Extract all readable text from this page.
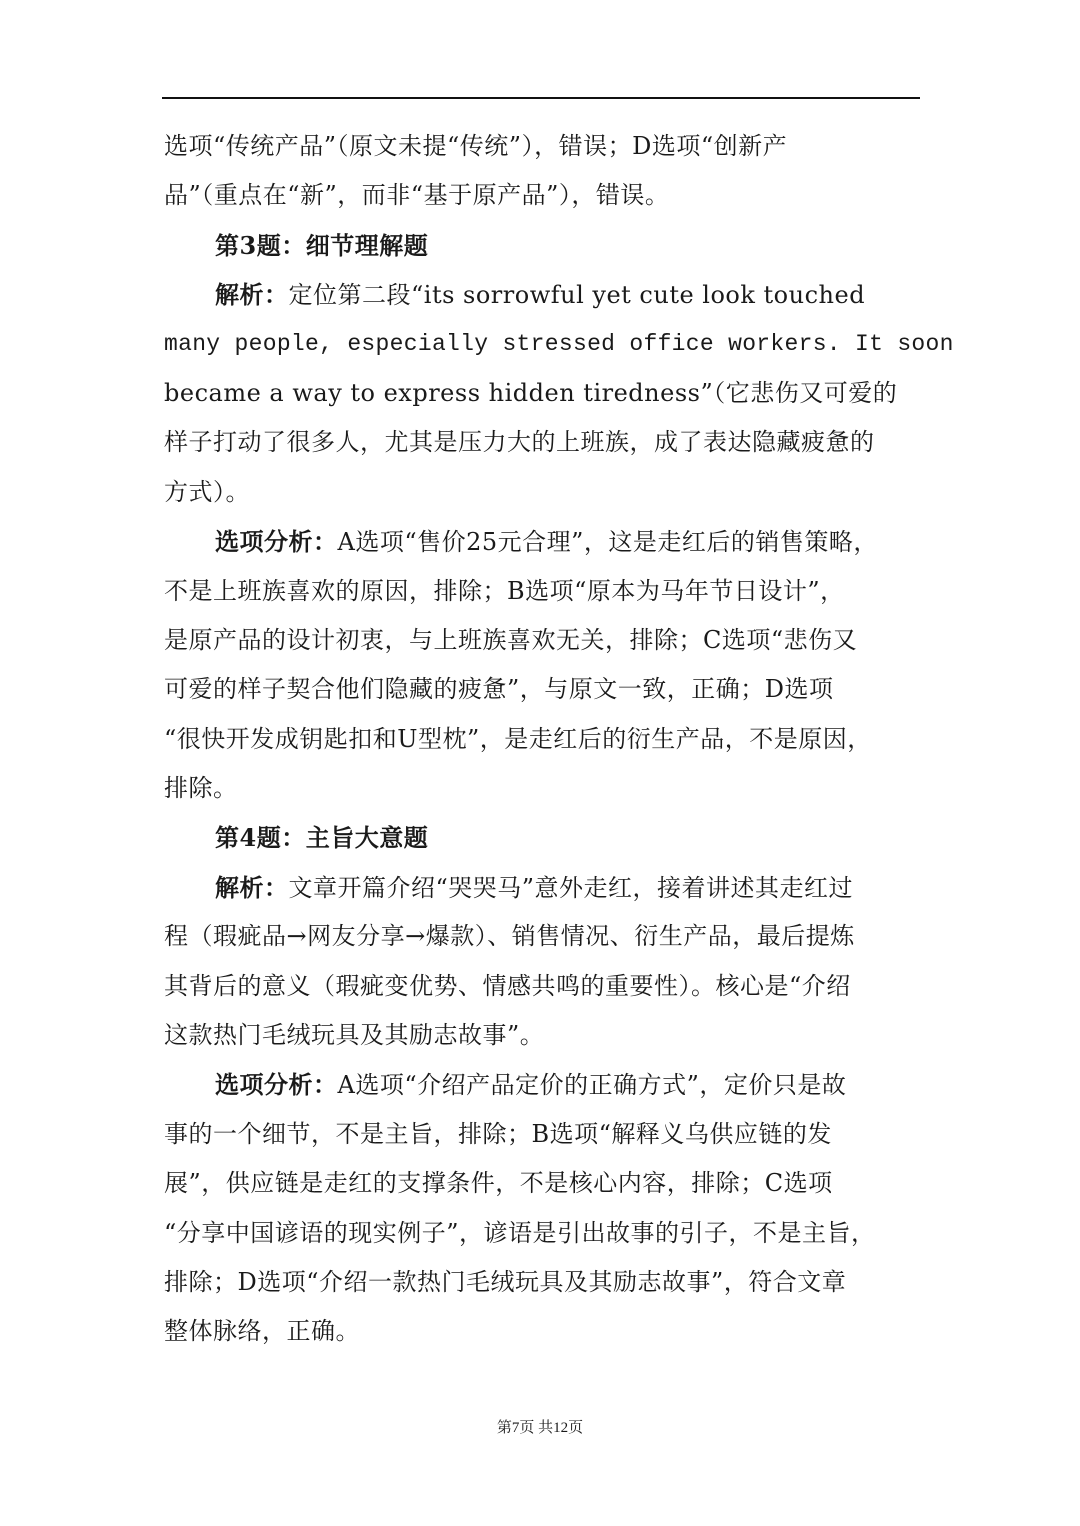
选项“传统产品”（原文未提“传统”），错误；D选项“创新产
品”（重点在“新”，而非“基于原产品”），错误。
第3题：细节理解题
解析：定位第二段“its sorrowful yet cute look touched
many people, especially stressed office workers. It soon
became a way to express hidden tiredness”（它悲伤又可爱的
样子打动了很多人，尤其是压力大的上班族，成了表达隐藏疲惫的
方式）。
选项分析：A选项“售价25元合理”，这是走红后的销售策略，
不是上班族喜欢的原因，排除；B选项“原本为马年节日设计”，
是原产品的设计初衷，与上班族喜欢无关，排除；C选项“悲伤又
可爱的样子契合他们隐藏的疲惫”，与原文一致，正确；D选项
“很快开发成钥匙扣和U型枕”，是走红后的衍生产品，不是原因，
排除。
第4题：主旨大意题
解析：文章开篇介绍“哭哭马”意外走红，接着讲述其走红过
程（瑕疵品→网友分享→爆款）、销售情况、衍生产品，最后提炼
其背后的意义（瑕疵变优势、情感共鸣的重要性）。核心是“介绍
这款热门毛绒玩具及其励志故事”。
选项分析：A选项“介绍产品定价的正确方式”，定价只是故
事的一个细节，不是主旨，排除；B选项“解释义乌供应链的发
展”，供应链是走红的支撑条件，不是核心内容，排除；C选项
“分享中国谚语的现实例子”，谚语是引出故事的引子，不是主旨，
排除；D选项“介绍一款热门毛绒玩具及其励志故事”，符合文章
整体脉络，正确。
第7页 共12页
